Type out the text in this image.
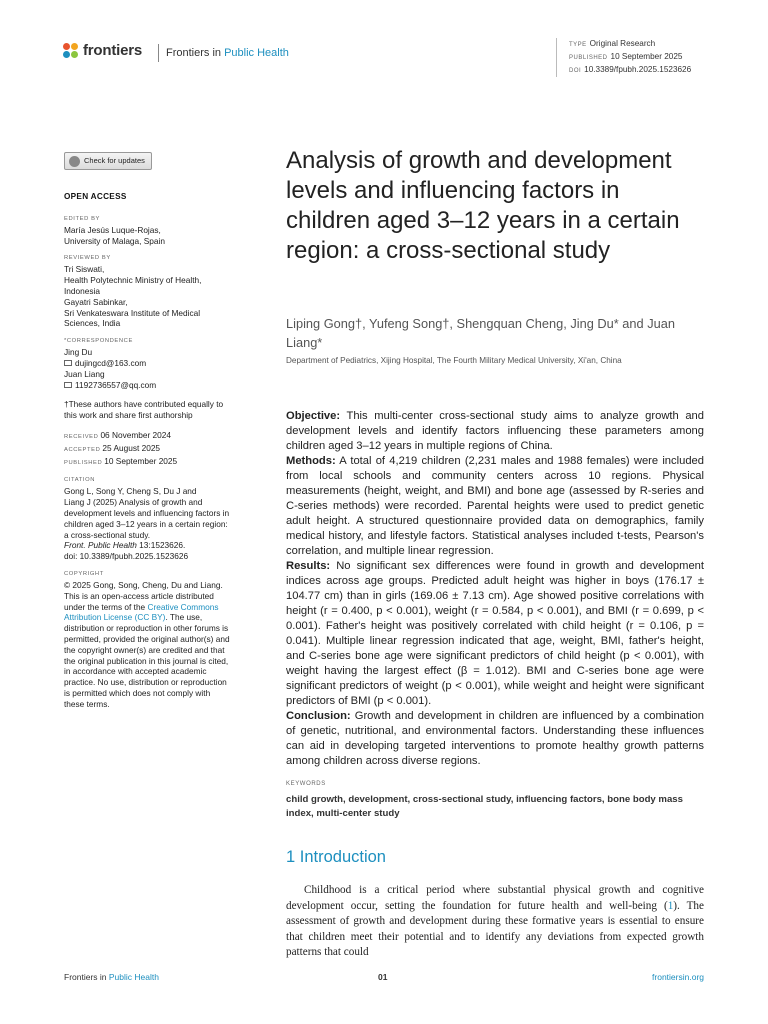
frontiers	Frontiers in Public Health
TYPE Original Research
PUBLISHED 10 September 2025
DOI 10.3389/fpubh.2025.1523626
Check for updates
OPEN ACCESS
EDITED BY
María Jesús Luque-Rojas,
University of Malaga, Spain
REVIEWED BY
Tri Siswati,
Health Polytechnic Ministry of Health,
Indonesia
Gayatri Sabinkar,
Sri Venkateswara Institute of Medical
Sciences, India
*CORRESPONDENCE
Jing Du
dujingcd@163.com
Juan Liang
1192736557@qq.com
†These authors have contributed equally to
this work and share first authorship
RECEIVED 06 November 2024
ACCEPTED 25 August 2025
PUBLISHED 10 September 2025
CITATION
Gong L, Song Y, Cheng S, Du J and
Liang J (2025) Analysis of growth and
development levels and influencing factors in
children aged 3–12 years in a certain region:
a cross-sectional study.
Front. Public Health 13:1523626.
doi: 10.3389/fpubh.2025.1523626
COPYRIGHT
© 2025 Gong, Song, Cheng, Du and Liang.
This is an open-access article distributed
under the terms of the Creative Commons
Attribution License (CC BY). The use,
distribution or reproduction in other forums is
permitted, provided the original author(s) and
the copyright owner(s) are credited and that
the original publication in this journal is cited,
in accordance with accepted academic
practice. No use, distribution or reproduction
is permitted which does not comply with
these terms.
Analysis of growth and development levels and influencing factors in children aged 3–12 years in a certain region: a cross-sectional study
Liping Gong†, Yufeng Song†, Shengquan Cheng, Jing Du* and Juan Liang*
Department of Pediatrics, Xijing Hospital, The Fourth Military Medical University, Xi'an, China

Objective: This multi-center cross-sectional study aims to analyze growth and development levels and identify factors influencing these parameters among children aged 3–12 years in multiple regions of China.

Methods: A total of 4,219 children (2,231 males and 1988 females) were included from local schools and community centers across 10 regions. Physical measurements (height, weight, and BMI) and bone age (assessed by R-series and C-series methods) were recorded. Parental heights were used to predict genetic adult height. A structured questionnaire provided data on demographics, family medical history, and lifestyle factors. Statistical analyses included t-tests, Pearson's correlation, and multiple linear regression.

Results: No significant sex differences were found in growth and development indices across age groups. Predicted adult height was higher in boys (176.17 ± 104.77 cm) than in girls (169.06 ± 7.13 cm). Age showed positive correlations with height (r = 0.400, p < 0.001), weight (r = 0.584, p < 0.001), and BMI (r = 0.699, p < 0.001). Father's height was positively correlated with child height (r = 0.106, p = 0.041). Multiple linear regression indicated that age, weight, BMI, father's height, and C-series bone age were significant predictors of child height (p < 0.001), with weight having the largest effect (β = 1.012). BMI and C-series bone age were significant predictors of weight (p < 0.001), while weight and height were significant predictors of BMI (p < 0.001).

Conclusion: Growth and development in children are influenced by a combination of genetic, nutritional, and environmental factors. Understanding these influences can aid in developing targeted interventions to promote healthy growth patterns among children across diverse regions.

KEYWORDS
child growth, development, cross-sectional study, influencing factors, bone body mass index, multi-center study
1 Introduction

Childhood is a critical period where substantial physical growth and cognitive development occur, setting the foundation for future health and well-being (1). The assessment of growth and development during these formative years is essential to ensure that children meet their potential and to identify any deviations from expected growth patterns that could

Frontiers in Public Health	01	frontiersin.org
